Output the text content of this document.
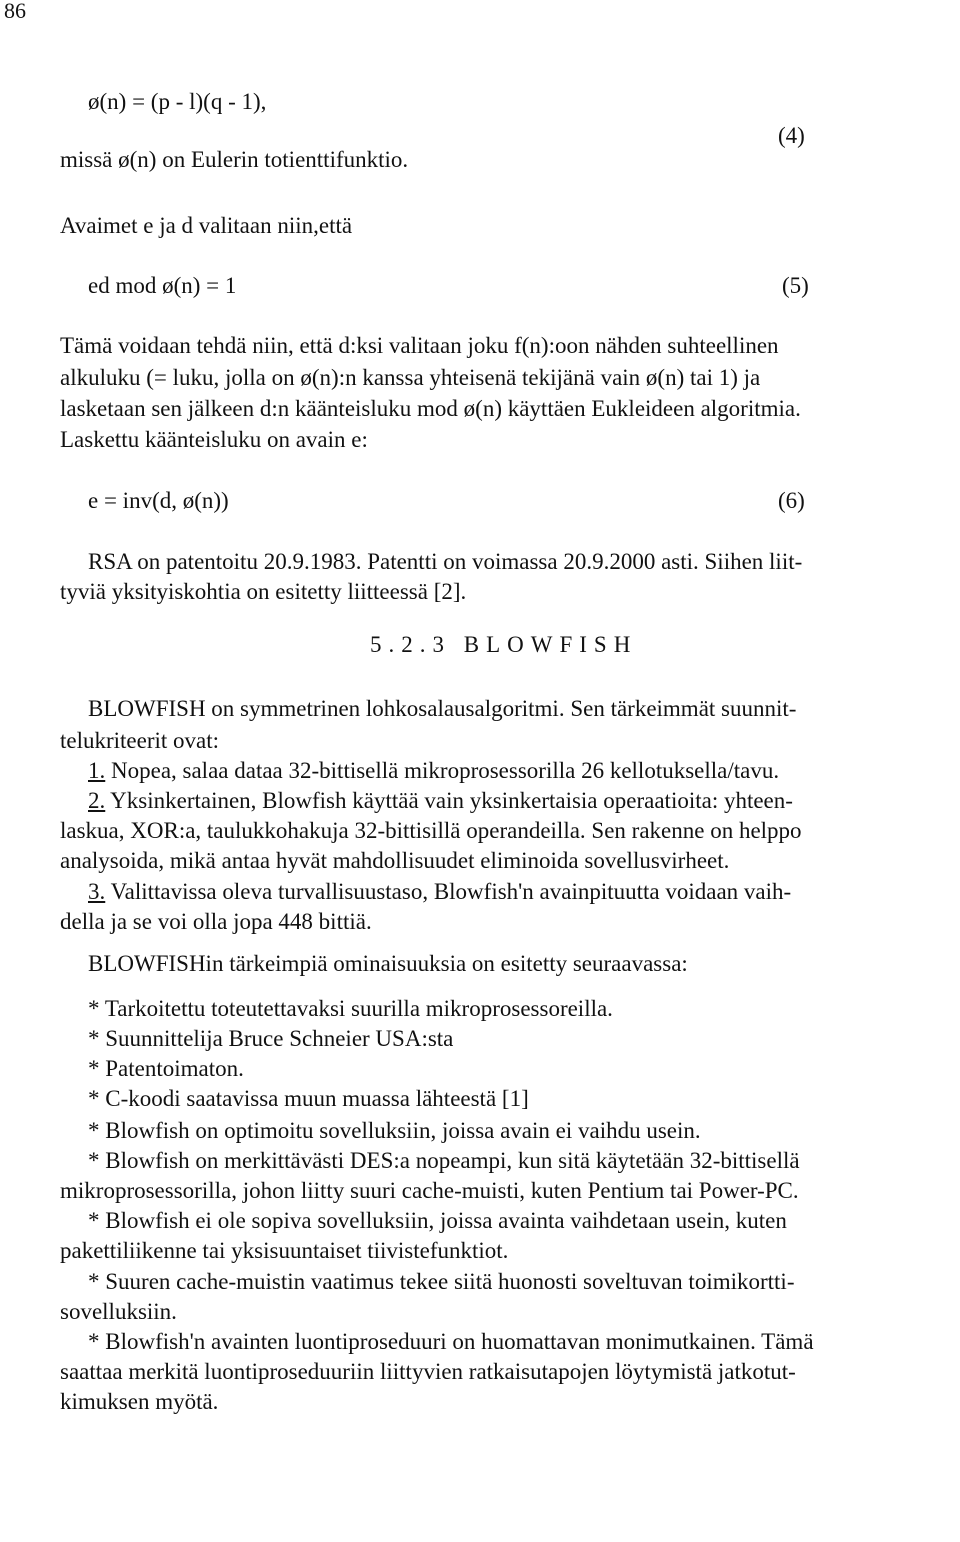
86
ø(n) = (p - l)(q - 1),
(4)
missä ø(n) on Eulerin totienttifunktio.
Avaimet e ja d valitaan niin,että
ed mod ø(n) = 1	(5)
Tämä voidaan tehdä niin, että d:ksi valitaan joku f(n):oon nähden suhteellinen
alkuluku (= luku, jolla on ø(n):n kanssa yhteisenä tekijänä vain ø(n) tai 1) ja
lasketaan sen jälkeen d:n käänteisluku mod ø(n) käyttäen Eukleideen algoritmia.
Laskettu käänteisluku on avain e:
e = inv(d, ø(n))	(6)
RSA on patentoitu 20.9.1983. Patentti on voimassa 20.9.2000 asti. Siihen liit-
tyviä yksityiskohtia on esitetty liitteessä [2].
5.2.3 BLOWFISH
BLOWFISH on symmetrinen lohkosalausalgoritmi. Sen tärkeimmät suunnit-
telukriteerit ovat:
1. Nopea, salaa dataa 32-bittisellä mikroprosessorilla 26 kellotuksella/tavu.
2. Yksinkertainen, Blowfish käyttää vain yksinkertaisia operaatioita: yhteen-
laskua, XOR:a, taulukkohakuja 32-bittisillä operandeilla. Sen rakenne on helppo
analysoida, mikä antaa hyvät mahdollisuudet eliminoida sovellusvirheet.
3. Valittavissa oleva turvallisuustaso, Blowfish'n avainpituutta voidaan vaih-
della ja se voi olla jopa 448 bittiä.
BLOWFISHin tärkeimpiä ominaisuuksia on esitetty seuraavassa:
* Tarkoitettu toteutettavaksi suurilla mikroprosessoreilla.
* Suunnittelija Bruce Schneier USA:sta
* Patentoimaton.
* C-koodi saatavissa muun muassa lähteestä [1]
* Blowfish on optimoitu sovelluksiin, joissa avain ei vaihdu usein.
* Blowfish on merkittävästi DES:a nopeampi, kun sitä käytetään 32-bittisellä
mikroprosessorilla, johon liitty suuri cache-muisti, kuten Pentium tai Power-PC.
* Blowfish ei ole sopiva sovelluksiin, joissa avainta vaihdetaan usein, kuten
pakettiliikenne tai yksisuuntaiset tiivistefunktiot.
* Suuren cache-muistin vaatimus tekee siitä huonosti soveltuvan toimikortti-
sovelluksiin.
* Blowfish'n avainten luontiproseduuri on huomattavan monimutkainen. Tämä
saattaa merkitä luontiproseduuriin liittyvien ratkaisutapojen löytymistä jatkotut-
kimuksen myötä.
